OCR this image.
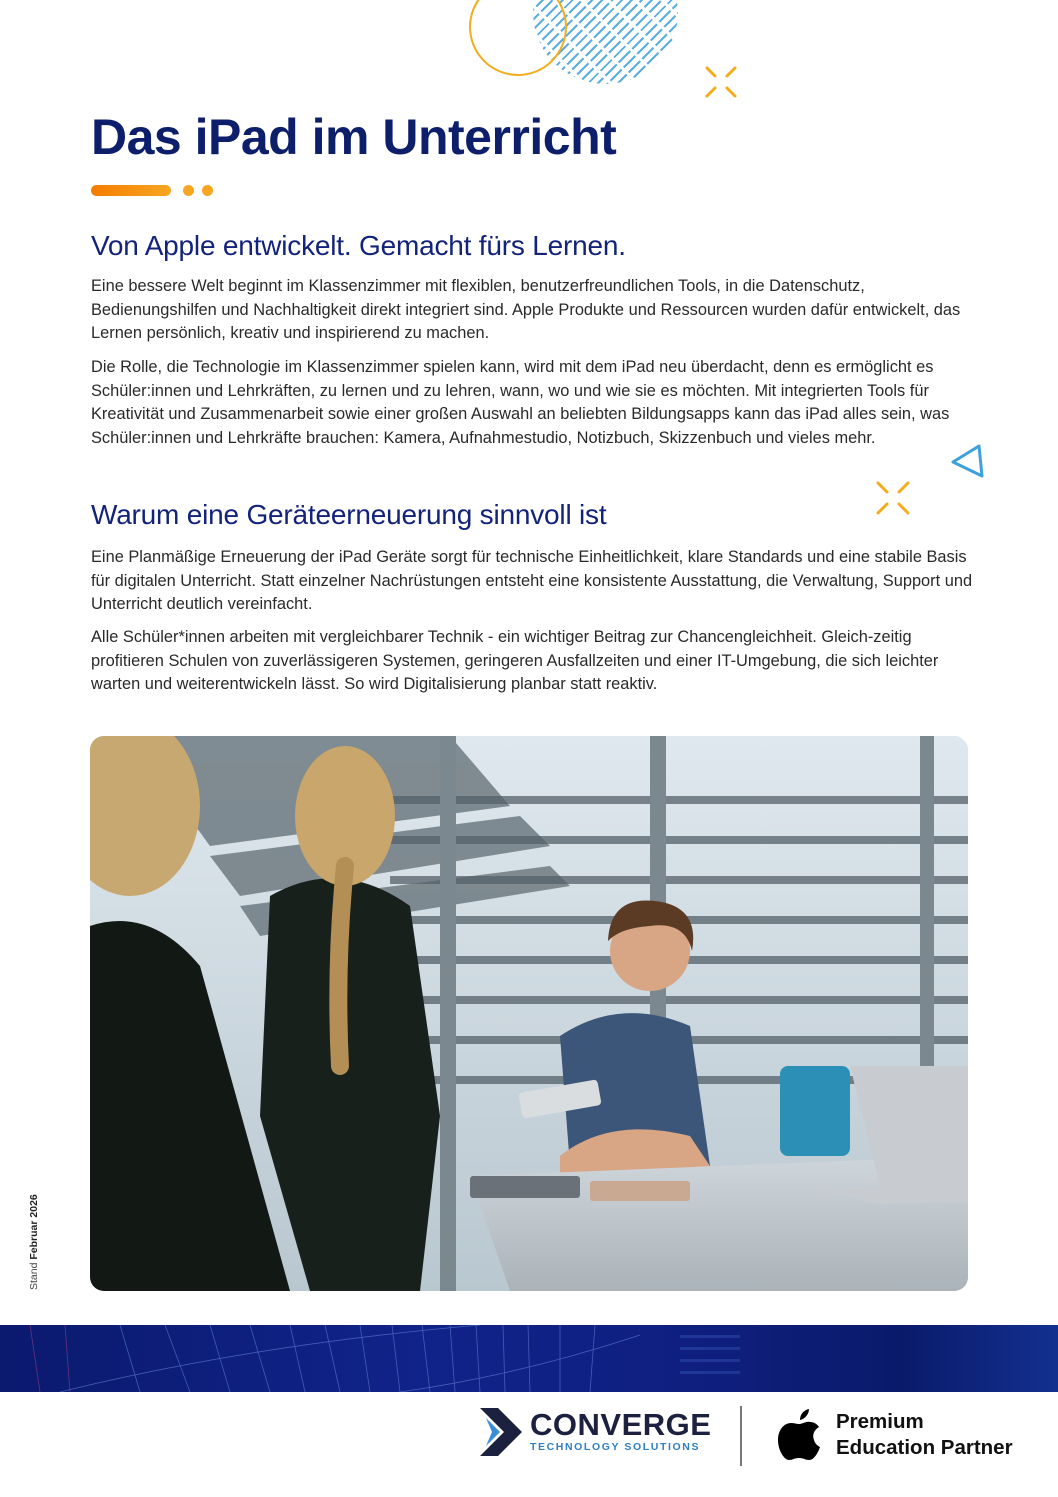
Das iPad im Unterricht
Von Apple entwickelt. Gemacht fürs Lernen.

Eine bessere Welt beginnt im Klassenzimmer mit flexiblen, benutzerfreundlichen Tools, in die Datenschutz, Bedienungshilfen und Nachhaltigkeit direkt integriert sind. Apple Produkte und Ressourcen wurden dafür entwickelt, das Lernen persönlich, kreativ und inspirierend zu machen.

Die Rolle, die Technologie im Klassenzimmer spielen kann, wird mit dem iPad neu überdacht, denn es ermöglicht es Schüler:innen und Lehrkräften, zu lernen und zu lehren, wann, wo und wie sie es möchten. Mit integrierten Tools für Kreativität und Zusammenarbeit sowie einer großen Auswahl an beliebten Bildungsapps kann das iPad alles sein, was Schüler:innen und Lehrkräfte brauchen: Kamera, Aufnahmestudio, Notizbuch, Skizzenbuch und vieles mehr.

Warum eine Geräteerneuerung sinnvoll ist

Eine Planmäßige Erneuerung der iPad Geräte sorgt für technische Einheitlichkeit, klare Standards und eine stabile Basis für digitalen Unterricht. Statt einzelner Nachrüstungen entsteht eine konsistente Ausstattung, die Verwaltung, Support und Unterricht deutlich vereinfacht.

Alle Schüler*innen arbeiten mit vergleichbarer Technik - ein wichtiger Beitrag zur Chancengleichheit. Gleich-zeitig profitieren Schulen von zuverlässigeren Systemen, geringeren Ausfallzeiten und einer IT-Umgebung, die sich leichter warten und weiterentwickeln lässt. So wird Digitalisierung planbar statt reaktiv.

Stand Februar 2026
CONVERGE
TECHNOLOGY SOLUTIONS
Premium
Education Partner
